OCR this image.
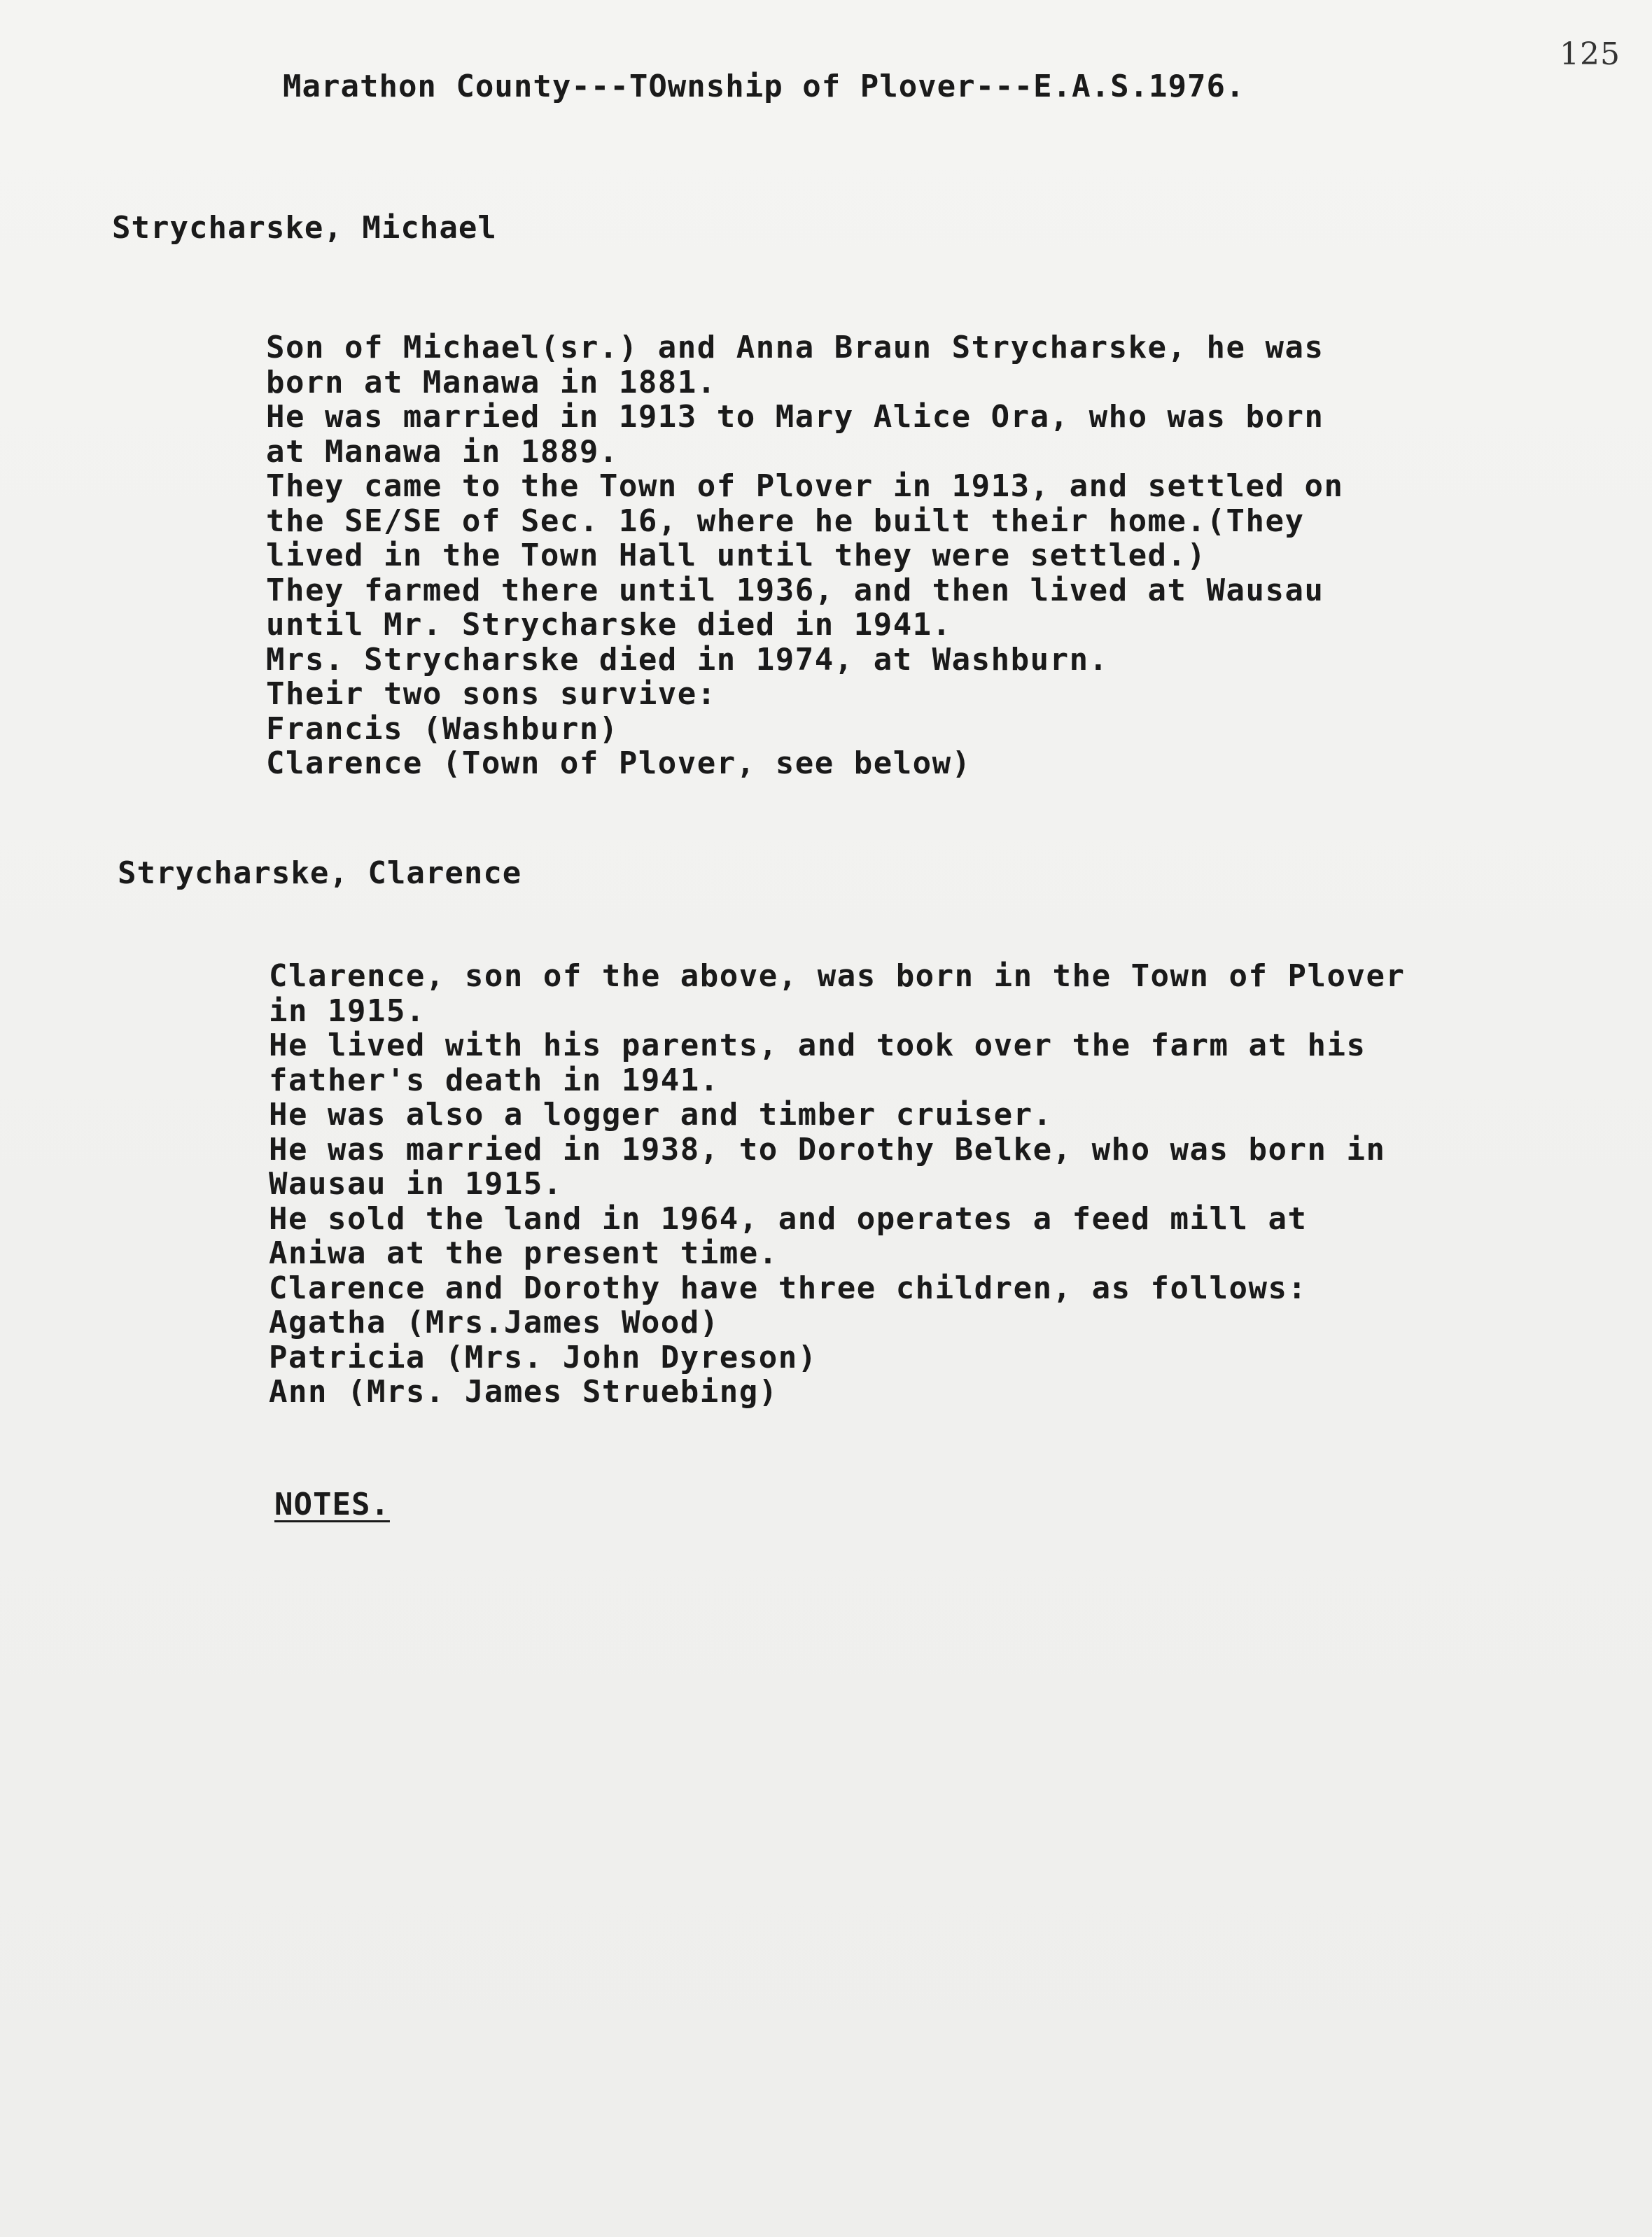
125
Marathon County---TOwnship of Plover---E.A.S.1976.
Strycharske, Michael
Son of Michael(sr.) and Anna Braun Strycharske, he was
born at Manawa in 1881.
He was married in 1913 to Mary Alice Ora, who was born
at Manawa in 1889.
They came to the Town of Plover in 1913, and settled on
the SE/SE of Sec. 16, where he built their home.(They
lived in the Town Hall until they were settled.)
They farmed there until 1936, and then lived at Wausau
until Mr. Strycharske died in 1941.
Mrs. Strycharske died in 1974, at Washburn.
Their two sons survive:
Francis (Washburn)
Clarence (Town of Plover, see below)
Strycharske, Clarence
Clarence, son of the above, was born in the Town of Plover
in 1915.
He lived with his parents, and took over the farm at his
father's death in 1941.
He was also a logger and timber cruiser.
He was married in 1938, to Dorothy Belke, who was born in
Wausau in 1915.
He sold the land in 1964, and operates a feed mill at
Aniwa at the present time.
Clarence and Dorothy have three children, as follows:
Agatha (Mrs.James Wood)
Patricia (Mrs. John Dyreson)
Ann (Mrs. James Struebing)
NOTES.
